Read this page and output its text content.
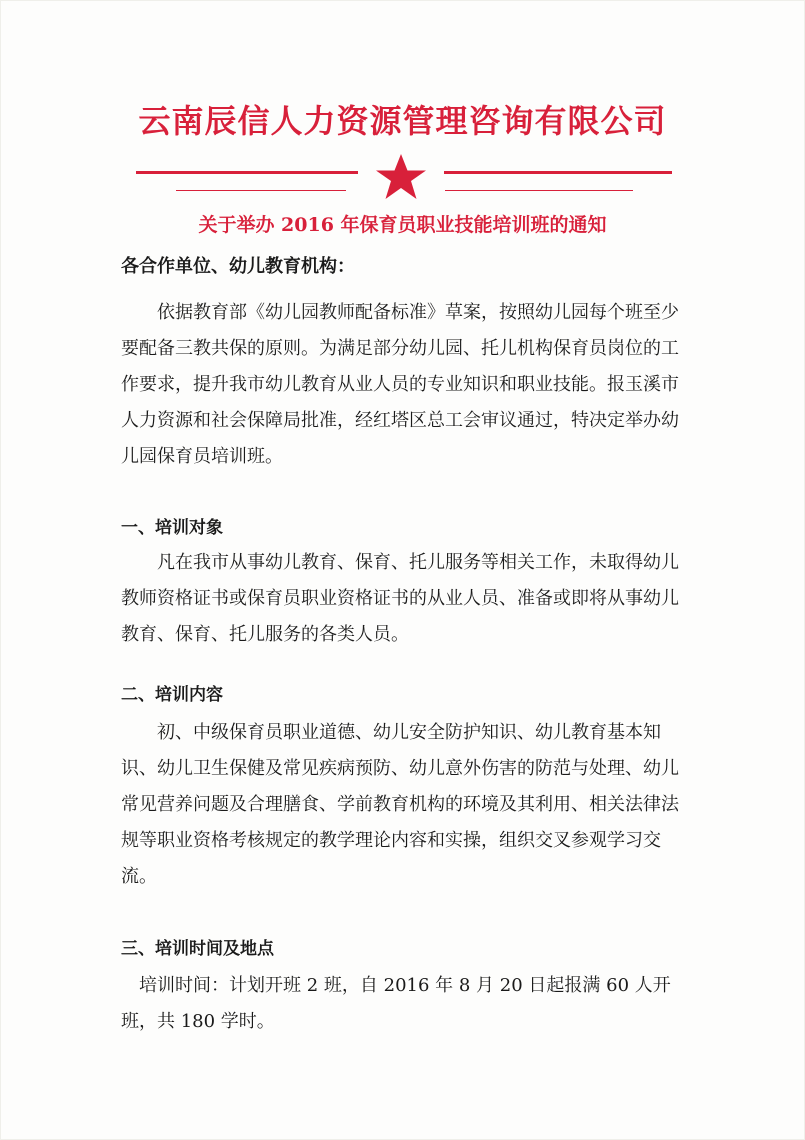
云南辰信人力资源管理咨询有限公司
关于举办 2016 年保育员职业技能培训班的通知
各合作单位、幼儿教育机构：
依据教育部《幼儿园教师配备标准》草案，按照幼儿园每个班至少要配备三教共保的原则。为满足部分幼儿园、托儿机构保育员岗位的工作要求，提升我市幼儿教育从业人员的专业知识和职业技能。报玉溪市人力资源和社会保障局批准，经红塔区总工会审议通过，特决定举办幼儿园保育员培训班。
一、培训对象
凡在我市从事幼儿教育、保育、托儿服务等相关工作，未取得幼儿教师资格证书或保育员职业资格证书的从业人员、准备或即将从事幼儿教育、保育、托儿服务的各类人员。
二、培训内容
初、中级保育员职业道德、幼儿安全防护知识、幼儿教育基本知识、幼儿卫生保健及常见疾病预防、幼儿意外伤害的防范与处理、幼儿常见营养问题及合理膳食、学前教育机构的环境及其利用、相关法律法规等职业资格考核规定的教学理论内容和实操，组织交叉参观学习交流。
三、培训时间及地点
培训时间：计划开班 2 班，自 2016 年 8 月 20 日起报满 60 人开班，共 180 学时。
